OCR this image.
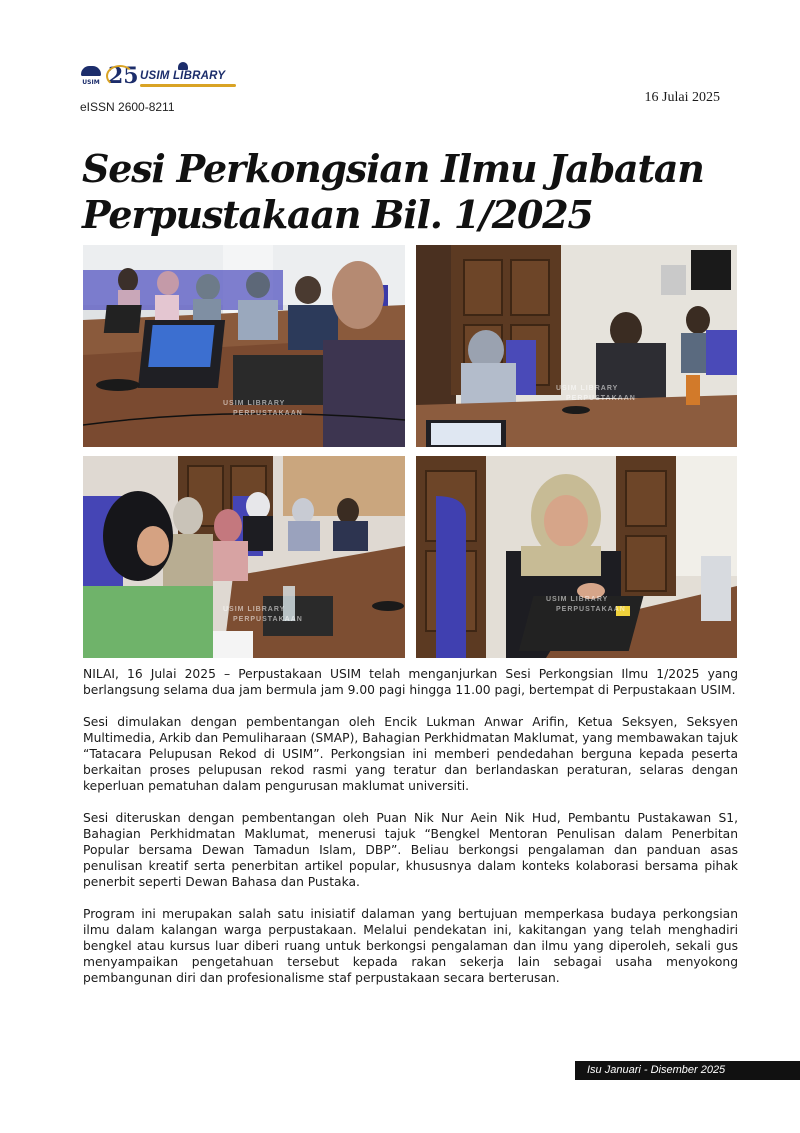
USIM 25 USIM LIBRARY
eISSN 2600-8211
16 Julai 2025
Sesi Perkongsian Ilmu Jabatan Perpustakaan Bil. 1/2025
USIM LIBRARY
PERPUSTAKAAN
USIM LIBRARY
PERPUSTAKAAN
USIM LIBRARY
PERPUSTAKAAN
USIM LIBRARY
PERPUSTAKAAN

NILAI, 16 Julai 2025 – Perpustakaan USIM telah menganjurkan Sesi Perkongsian Ilmu 1/2025 yang berlangsung selama dua jam bermula jam 9.00 pagi hingga 11.00 pagi, bertempat di Perpustakaan USIM.

Sesi dimulakan dengan pembentangan oleh Encik Lukman Anwar Arifin, Ketua Seksyen, Seksyen Multimedia, Arkib dan Pemuliharaan (SMAP), Bahagian Perkhidmatan Maklumat, yang membawakan tajuk “Tatacara Pelupusan Rekod di USIM”. Perkongsian ini memberi pendedahan berguna kepada peserta berkaitan proses pelupusan rekod rasmi yang teratur dan berlandaskan peraturan, selaras dengan keperluan pematuhan dalam pengurusan maklumat universiti.

Sesi diteruskan dengan pembentangan oleh Puan Nik Nur Aein Nik Hud, Pembantu Pustakawan S1, Bahagian Perkhidmatan Maklumat, menerusi tajuk “Bengkel Mentoran Penulisan dalam Penerbitan Popular bersama Dewan Tamadun Islam, DBP”. Beliau berkongsi pengalaman dan panduan asas penulisan kreatif serta penerbitan artikel popular, khususnya dalam konteks kolaborasi bersama pihak penerbit seperti Dewan Bahasa dan Pustaka.

Program ini merupakan salah satu inisiatif dalaman yang bertujuan memperkasa budaya perkongsian ilmu dalam kalangan warga perpustakaan. Melalui pendekatan ini, kakitangan yang telah menghadiri bengkel atau kursus luar diberi ruang untuk berkongsi pengalaman dan ilmu yang diperoleh, sekali gus menyampaikan pengetahuan tersebut kepada rakan sekerja lain sebagai usaha menyokong pembangunan diri dan profesionalisme staf perpustakaan secara berterusan.

Isu Januari - Disember 2025
